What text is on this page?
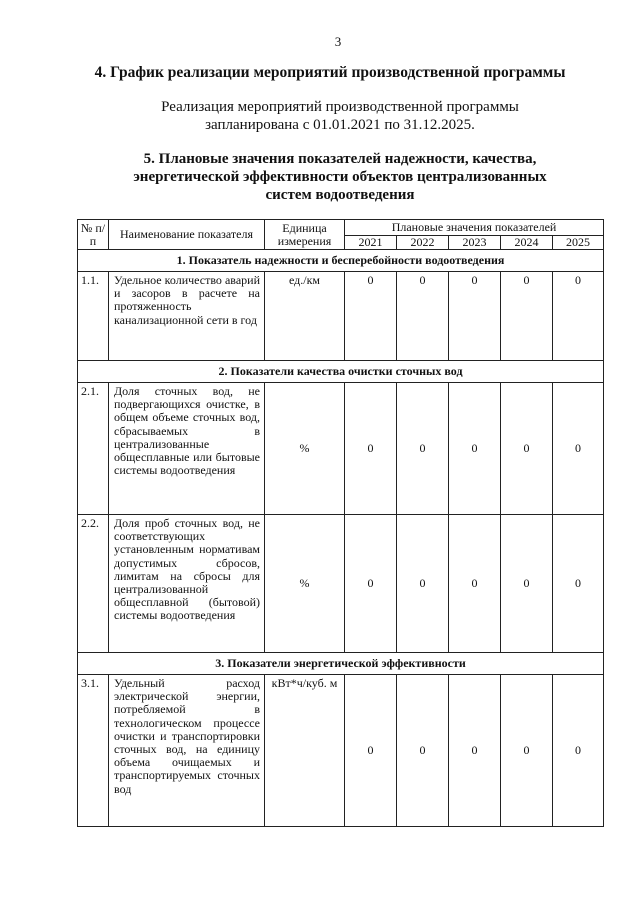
3
4. График реализации мероприятий производственной программы
Реализация мероприятий производственной программы
запланирована с 01.01.2021 по 31.12.2025.
5. Плановые значения показателей надежности, качества,
энергетической эффективности объектов централизованных
систем водоотведения
№ п/п	Наименование показателя	Единица измерения	Плановые значения показателей				
			2021	2022	2023	2024	2025
1. Показатель надежности и бесперебойности водоотведения							
1.1.	Удельное количество аварий и засоров в расчете на протяженность канализационной сети в год	ед./км	0	0	0	0	0
2. Показатели качества очистки сточных вод							
2.1.	Доля сточных вод, не подвергающихся очистке, в общем объеме сточных вод, сбрасываемых в централизованные общесплавные или бытовые системы водоотведения	%	0	0	0	0	0
2.2.	Доля проб сточных вод, не соответствующих установленным нормативам допустимых сбросов, лимитам на сбросы для централизованной общесплавной (бытовой) системы водоотведения	%	0	0	0	0	0
3. Показатели энергетической эффективности							
3.1.	Удельный расход электрической энергии, потребляемой в технологическом процессе очистки и транспортировки сточных вод, на единицу объема очищаемых и транспортируемых сточных вод	кВт*ч/куб. м	0	0	0	0	0
